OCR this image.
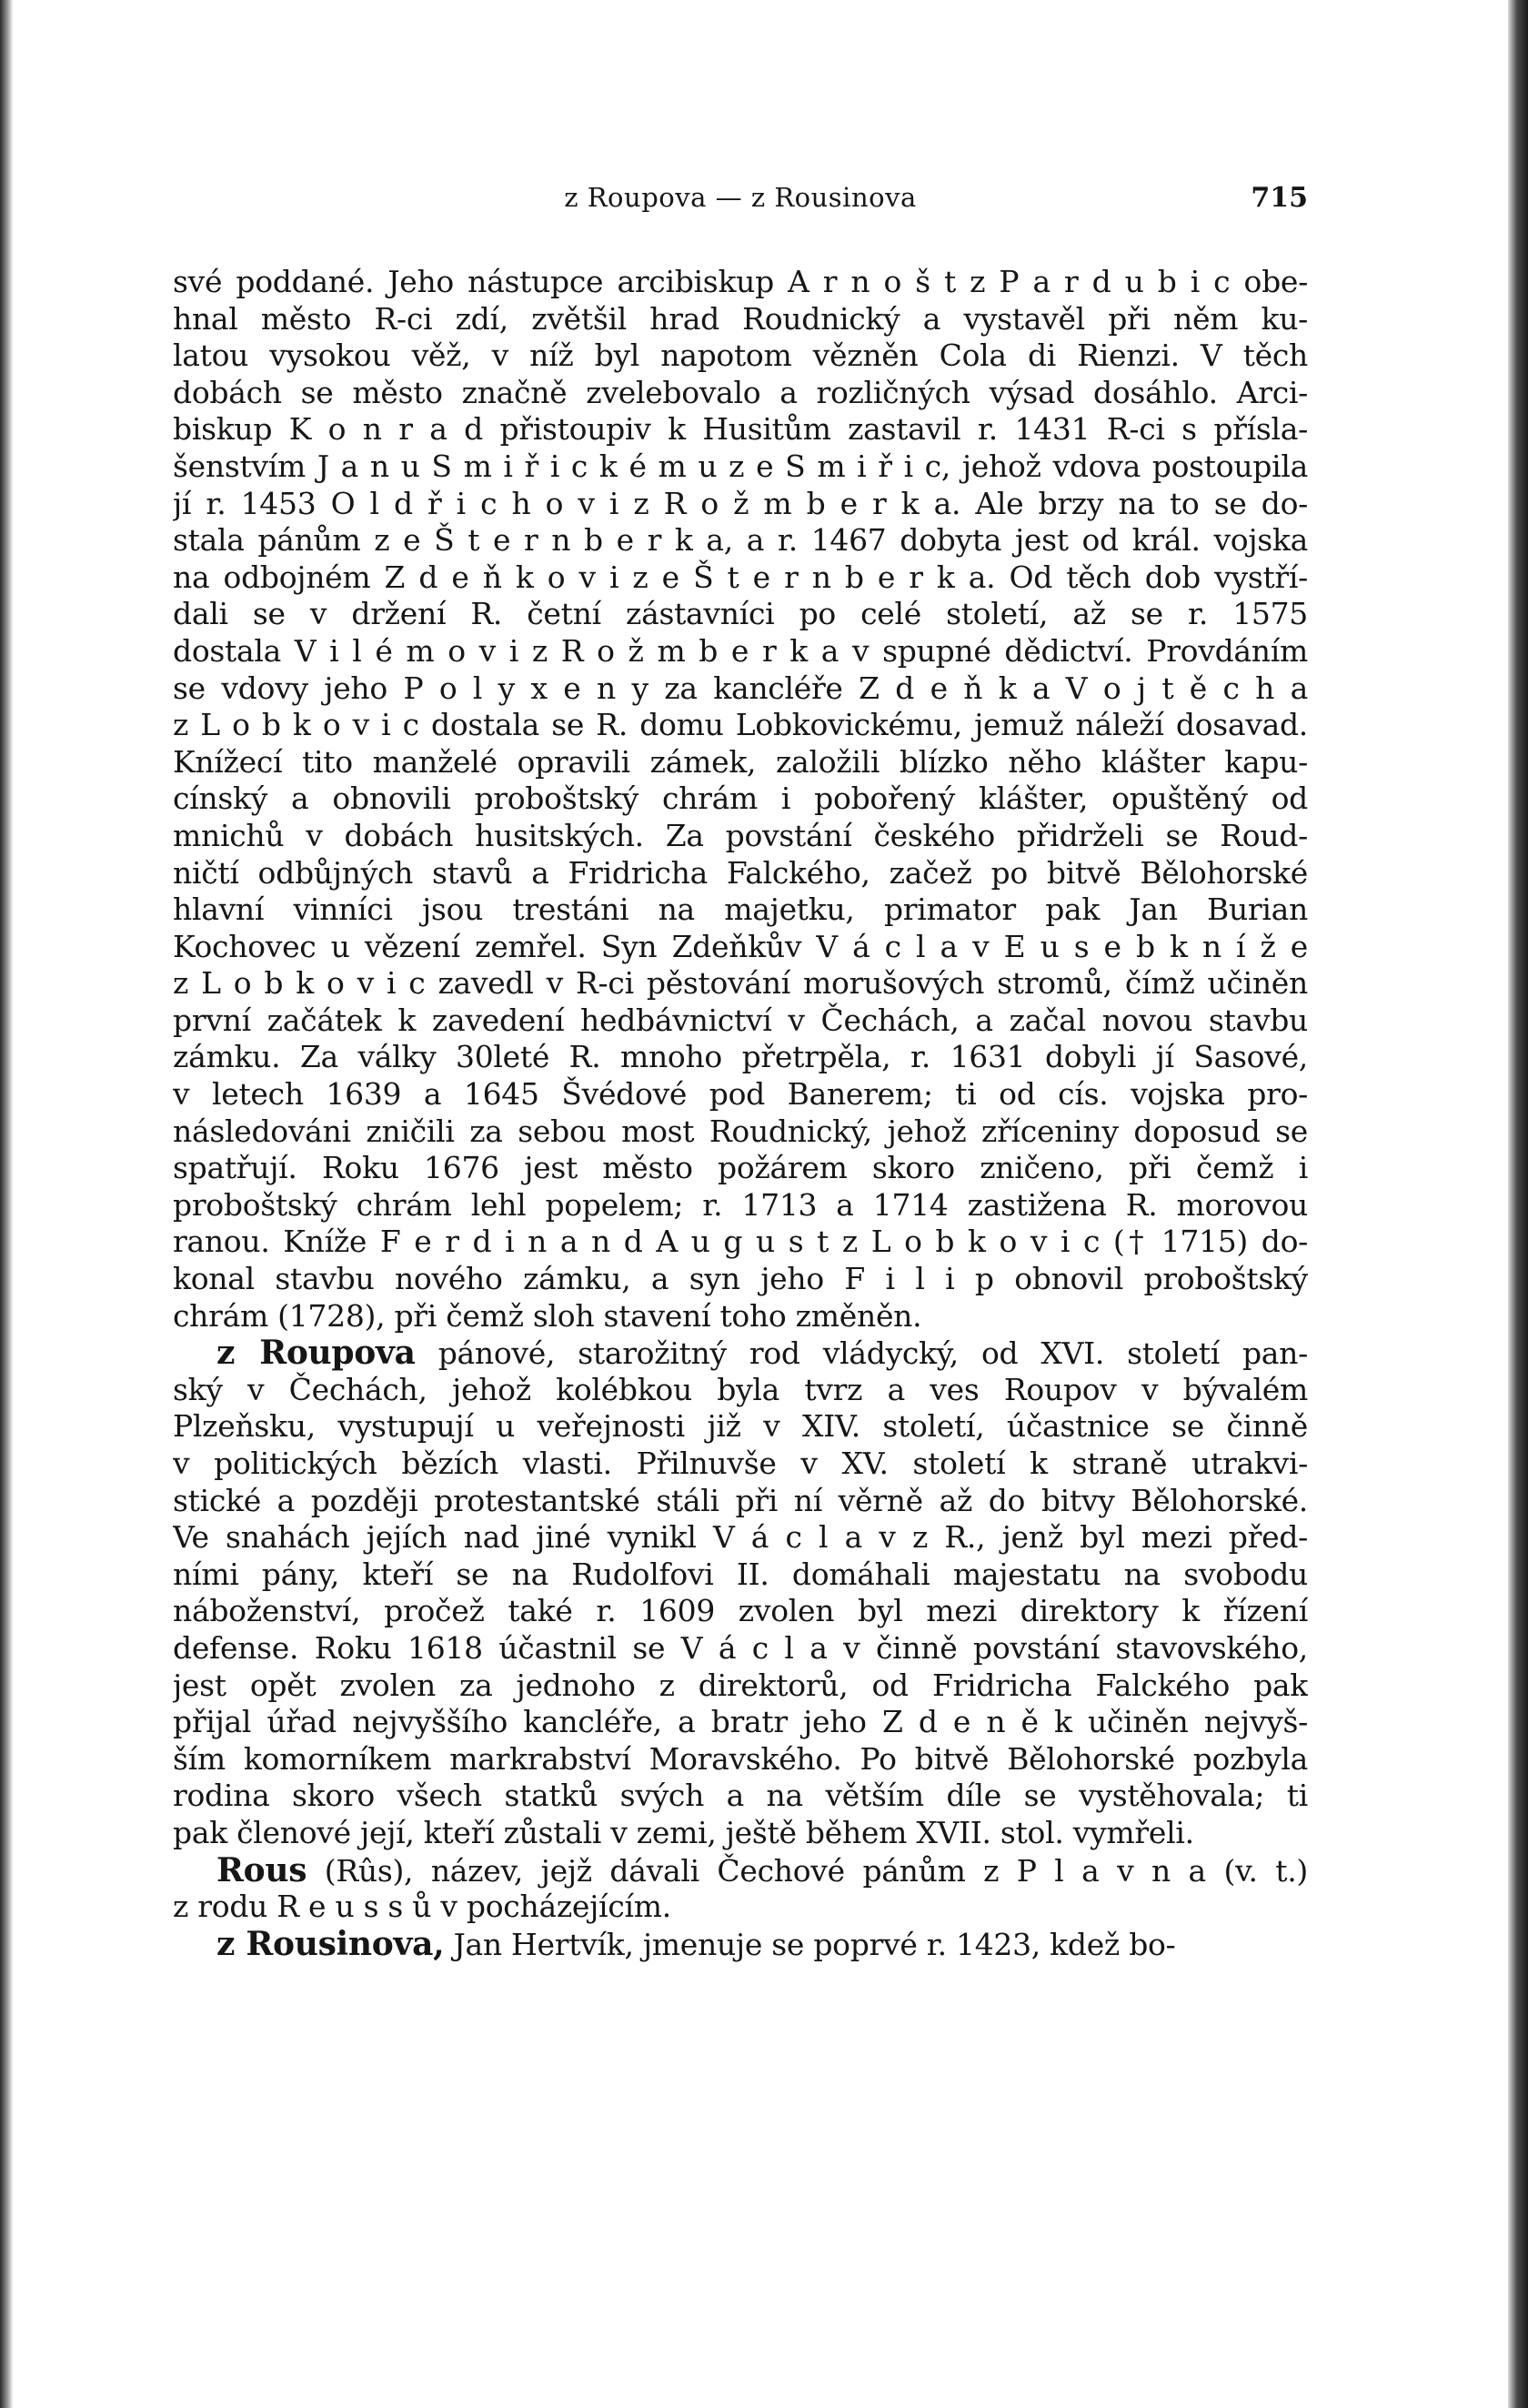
z Roupova — z Rousinova	715
své poddané. Jeho nástupce arcibiskup A r n o š t z P a r d u b i c obe-
hnal město R-ci zdí, zvětšil hrad Roudnický a vystavěl při něm ku-
latou vysokou věž, v níž byl napotom vězněn Cola di Rienzi. V těch
dobách se město značně zvelebovalo a rozličných výsad dosáhlo. Arci-
biskup K o n r a d přistoupiv k Husitům zastavil r. 1431 R-ci s přísla-
šenstvím J a n u S m i ř i c k é m u z e S m i ř i c, jehož vdova postoupila
jí r. 1453 O l d ř i c h o v i z R o ž m b e r k a. Ale brzy na to se do-
stala pánům z e Š t e r n b e r k a, a r. 1467 dobyta jest od král. vojska
na odbojném Z d e ň k o v i z e Š t e r n b e r k a. Od těch dob vystří-
dali se v držení R. četní zástavníci po celé století, až se r. 1575
dostala V i l é m o v i z R o ž m b e r k a v spupné dědictví. Provdáním
se vdovy jeho P o l y x e n y za kancléře Z d e ň k a V o j t ě c h a
z L o b k o v i c dostala se R. domu Lobkovickému, jemuž náleží dosavad.
Knížecí tito manželé opravili zámek, založili blízko něho klášter kapu-
cínský a obnovili proboštský chrám i pobořený klášter, opuštěný od
mnichů v dobách husitských. Za povstání českého přidrželi se Roud-
ničtí odbůjných stavů a Fridricha Falckého, začež po bitvě Bělohorské
hlavní vinníci jsou trestáni na majetku, primator pak Jan Burian
Kochovec u vězení zemřel. Syn Zdeňkův V á c l a v E u s e b k n í ž e
z L o b k o v i c zavedl v R-ci pěstování morušových stromů, čímž učiněn
první začátek k zavedení hedbávnictví v Čechách, a začal novou stavbu
zámku. Za války 30leté R. mnoho přetrpěla, r. 1631 dobyli jí Sasové,
v letech 1639 a 1645 Švédové pod Banerem; ti od cís. vojska pro-
následováni zničili za sebou most Roudnický, jehož zříceniny doposud se
spatřují. Roku 1676 jest město požárem skoro zničeno, při čemž i
proboštský chrám lehl popelem; r. 1713 a 1714 zastižena R. morovou
ranou. Kníže F e r d i n a n d A u g u s t z L o b k o v i c († 1715) do-
konal stavbu nového zámku, a syn jeho F i l i p obnovil proboštský
chrám (1728), při čemž sloh stavení toho změněn.
z Roupova pánové, starožitný rod vládycký, od XVI. století pan-
ský v Čechách, jehož kolébkou byla tvrz a ves Roupov v bývalém
Plzeňsku, vystupují u veřejnosti již v XIV. století, účastnice se činně
v politických bězích vlasti. Přilnuvše v XV. století k straně utrakvi-
stické a později protestantské stáli při ní věrně až do bitvy Bělohorské.
Ve snahách jejích nad jiné vynikl V á c l a v z R., jenž byl mezi před-
ními pány, kteří se na Rudolfovi II. domáhali majestatu na svobodu
náboženství, pročež také r. 1609 zvolen byl mezi direktory k řízení
defense. Roku 1618 účastnil se V á c l a v činně povstání stavovského,
jest opět zvolen za jednoho z direktorů, od Fridricha Falckého pak
přijal úřad nejvyššího kancléře, a bratr jeho Z d e n ě k učiněn nejvyš-
ším komorníkem markrabství Moravského. Po bitvě Bělohorské pozbyla
rodina skoro všech statků svých a na větším díle se vystěhovala; ti
pak členové její, kteří zůstali v zemi, ještě během XVII. stol. vymřeli.
Rous (Rûs), název, jejž dávali Čechové pánům z P l a v n a (v. t.)
z rodu R e u s s ů v pocházejícím.
z Rousinova, Jan Hertvík, jmenuje se poprvé r. 1423, kdež bo-
